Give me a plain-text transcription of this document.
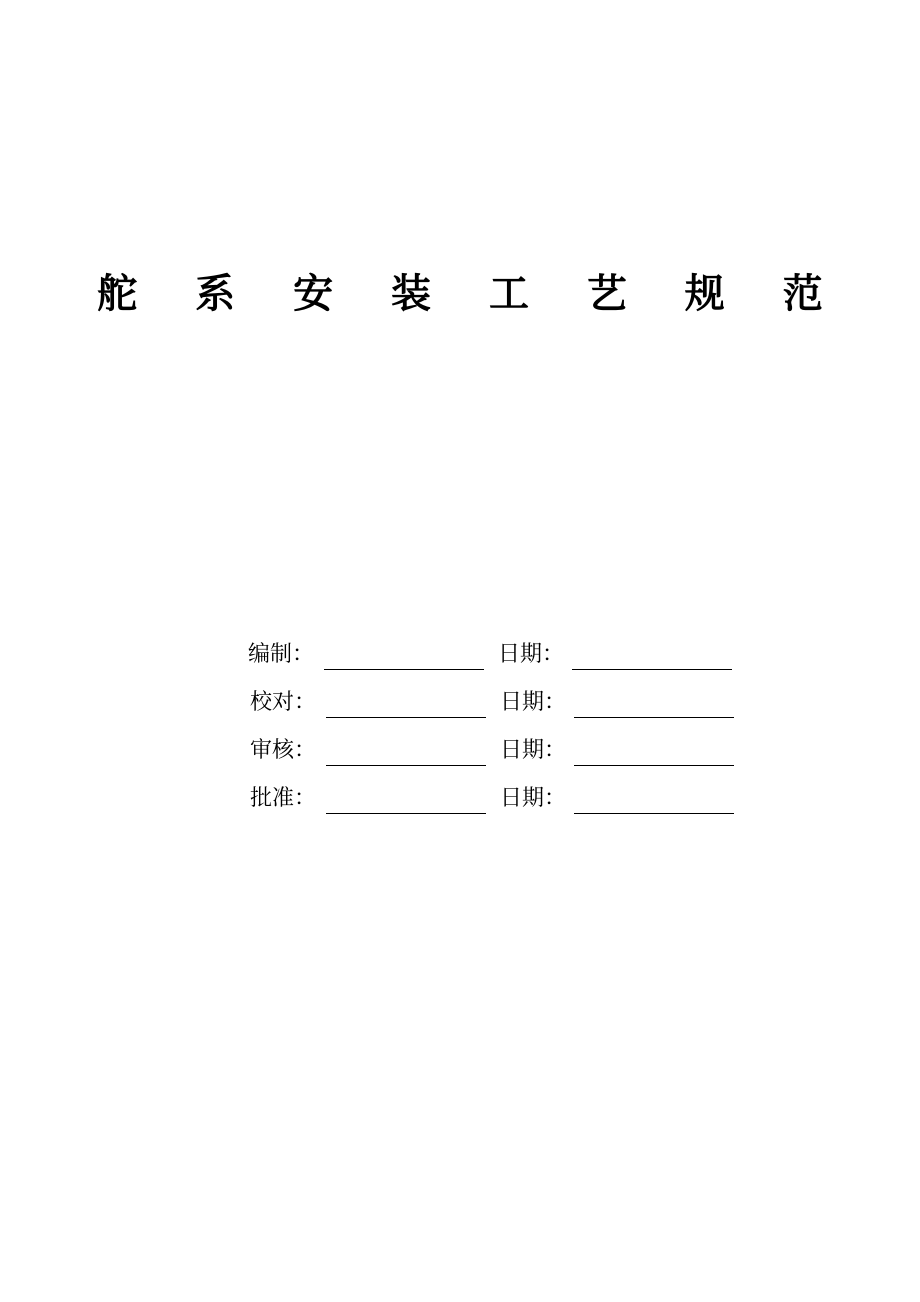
舵 系 安 装 工 艺 规 范
编制：	日期：
校对：	日期：
审核：	日期：
批准：	日期：
